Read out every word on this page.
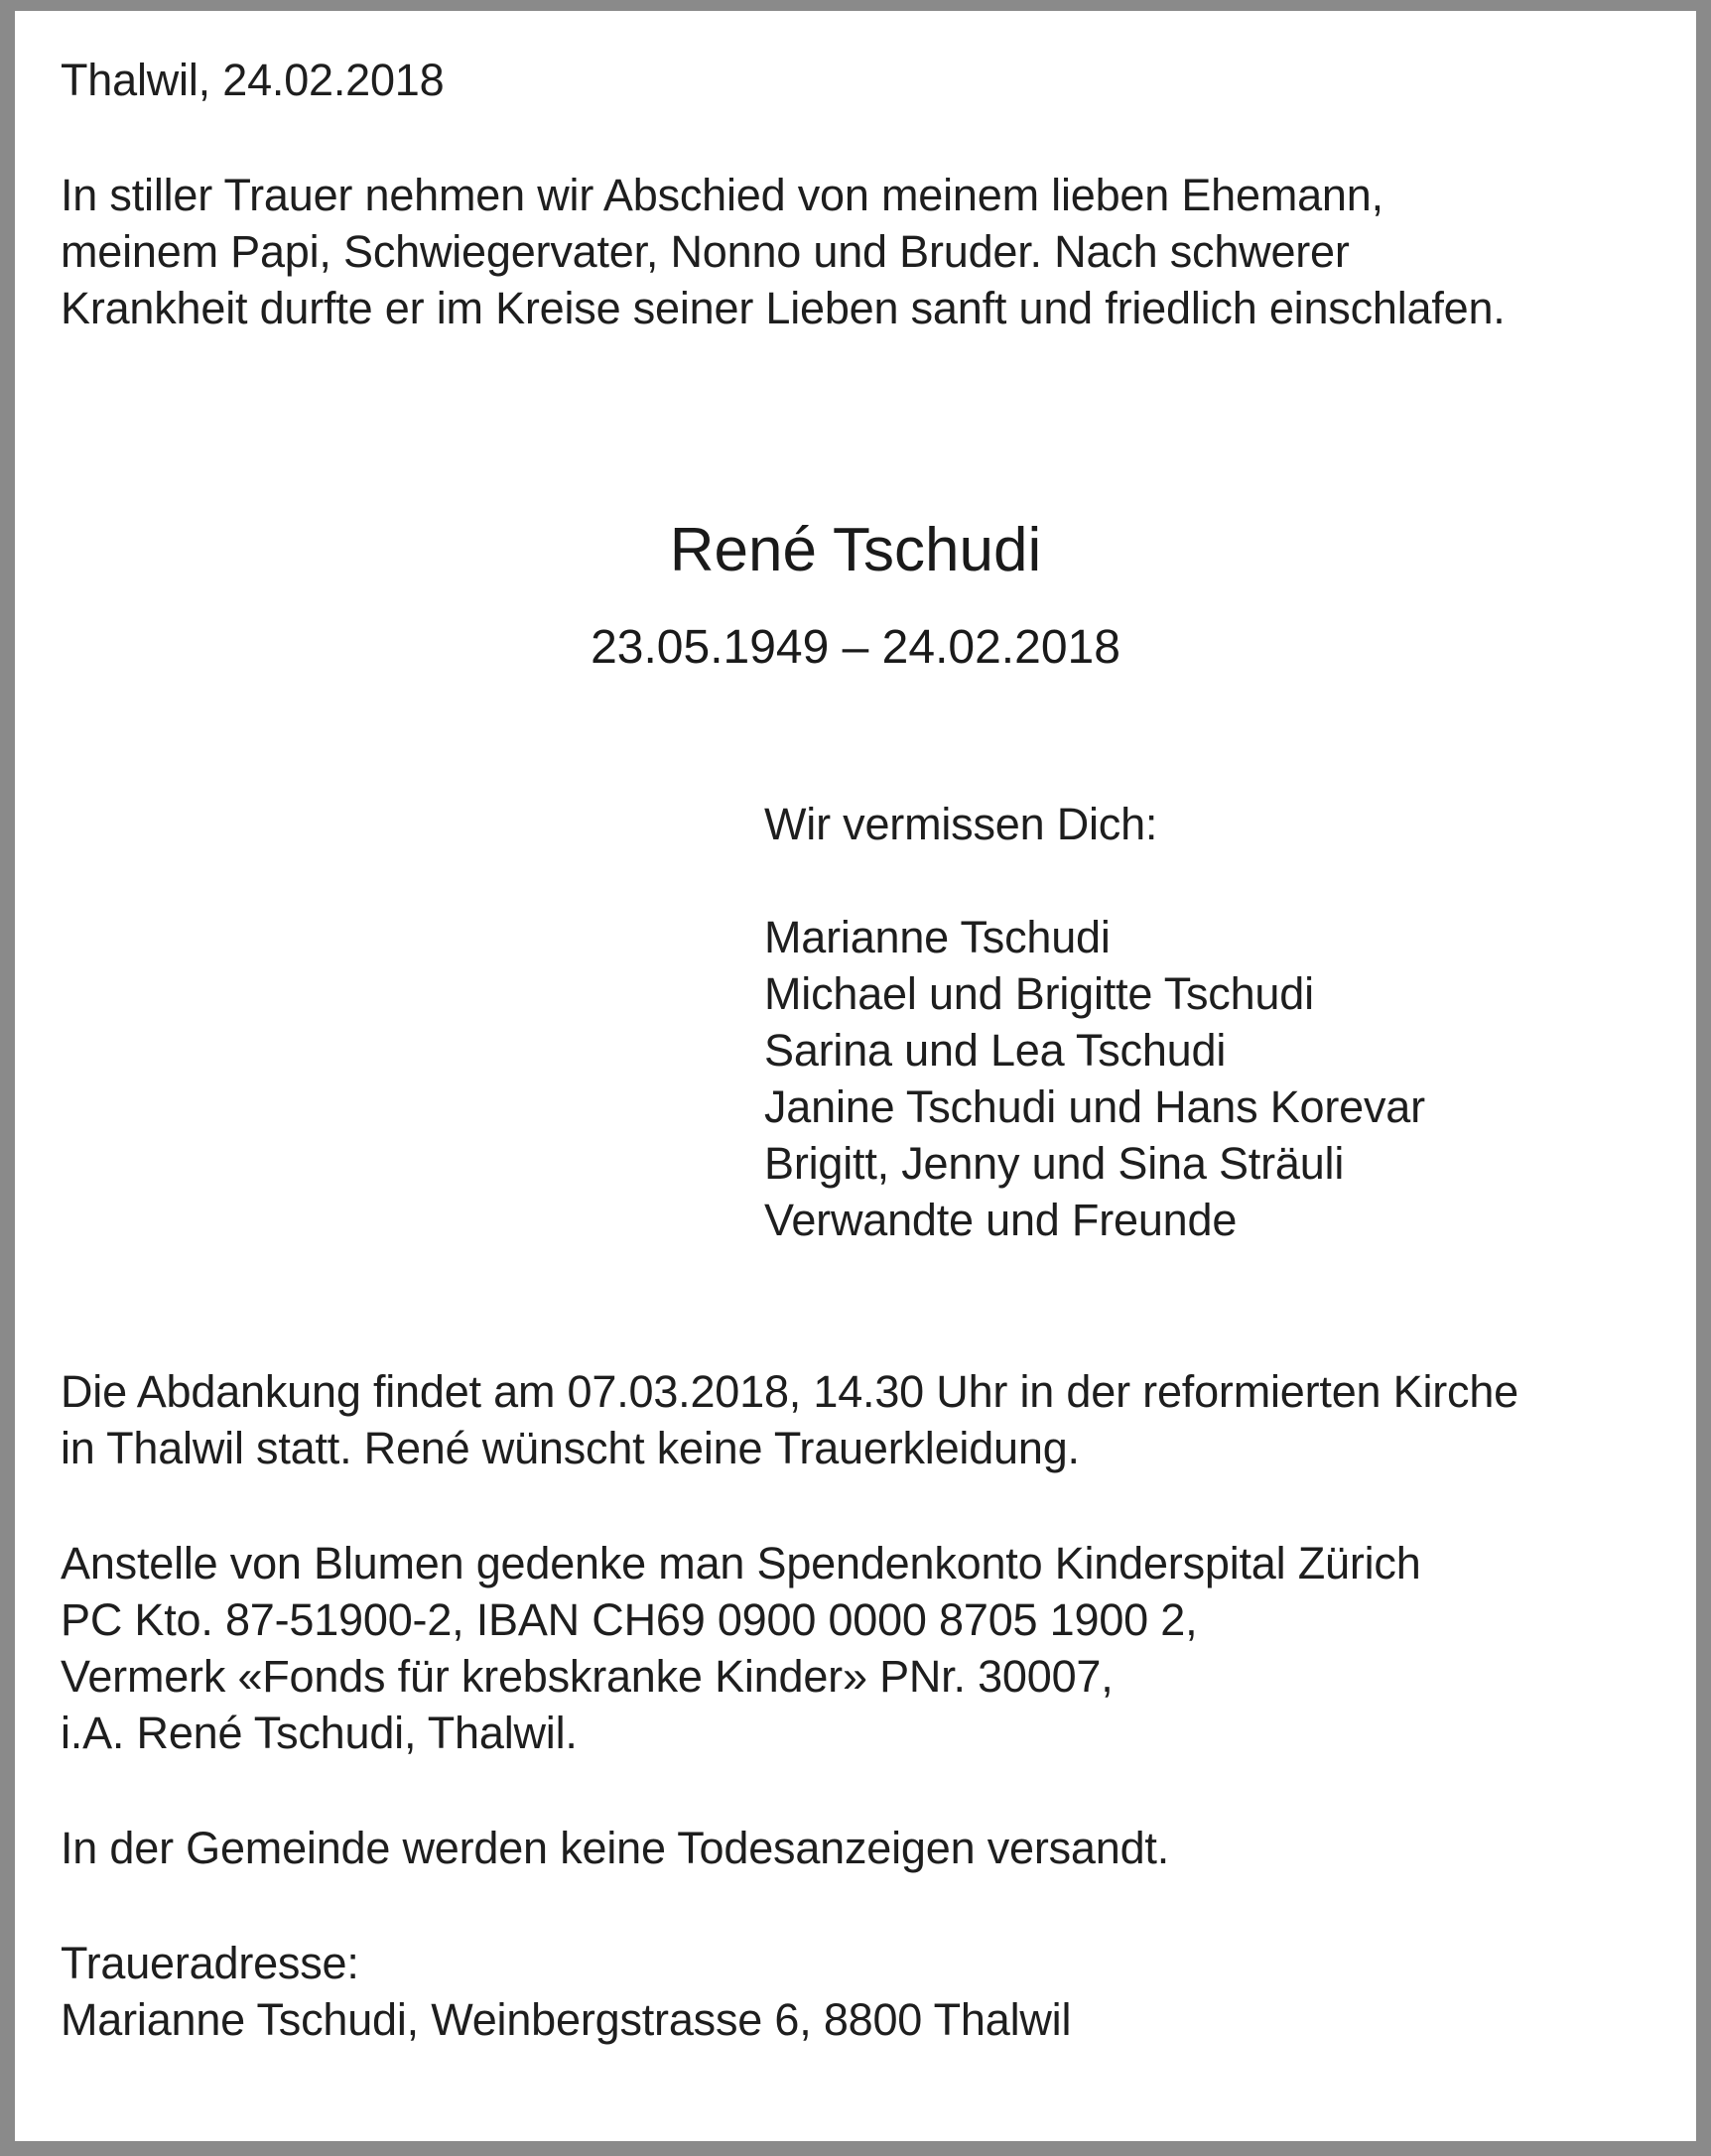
Thalwil, 24.02.2018

In stiller Trauer nehmen wir Abschied von meinem lieben Ehemann,

meinem Papi, Schwiegervater, Nonno und Bruder. Nach schwerer

Krankheit durfte er im Kreise seiner Lieben sanft und friedlich einschlafen.

René Tschudi

23.05.1949 – 24.02.2018

Wir vermissen Dich:

Marianne Tschudi

Michael und Brigitte Tschudi

Sarina und Lea Tschudi

Janine Tschudi und Hans Korevar

Brigitt, Jenny und Sina Sträuli

Verwandte und Freunde

Die Abdankung findet am 07.03.2018, 14.30 Uhr in der reformierten Kirche

in Thalwil statt. René wünscht keine Trauerkleidung.

Anstelle von Blumen gedenke man Spendenkonto Kinderspital Zürich

PC Kto. 87-51900-2, IBAN CH69 0900 0000 8705 1900 2,

Vermerk «Fonds für krebskranke Kinder» PNr. 30007,

i.A. René Tschudi, Thalwil.

In der Gemeinde werden keine Todesanzeigen versandt.

Traueradresse:

Marianne Tschudi, Weinbergstrasse 6, 8800 Thalwil
